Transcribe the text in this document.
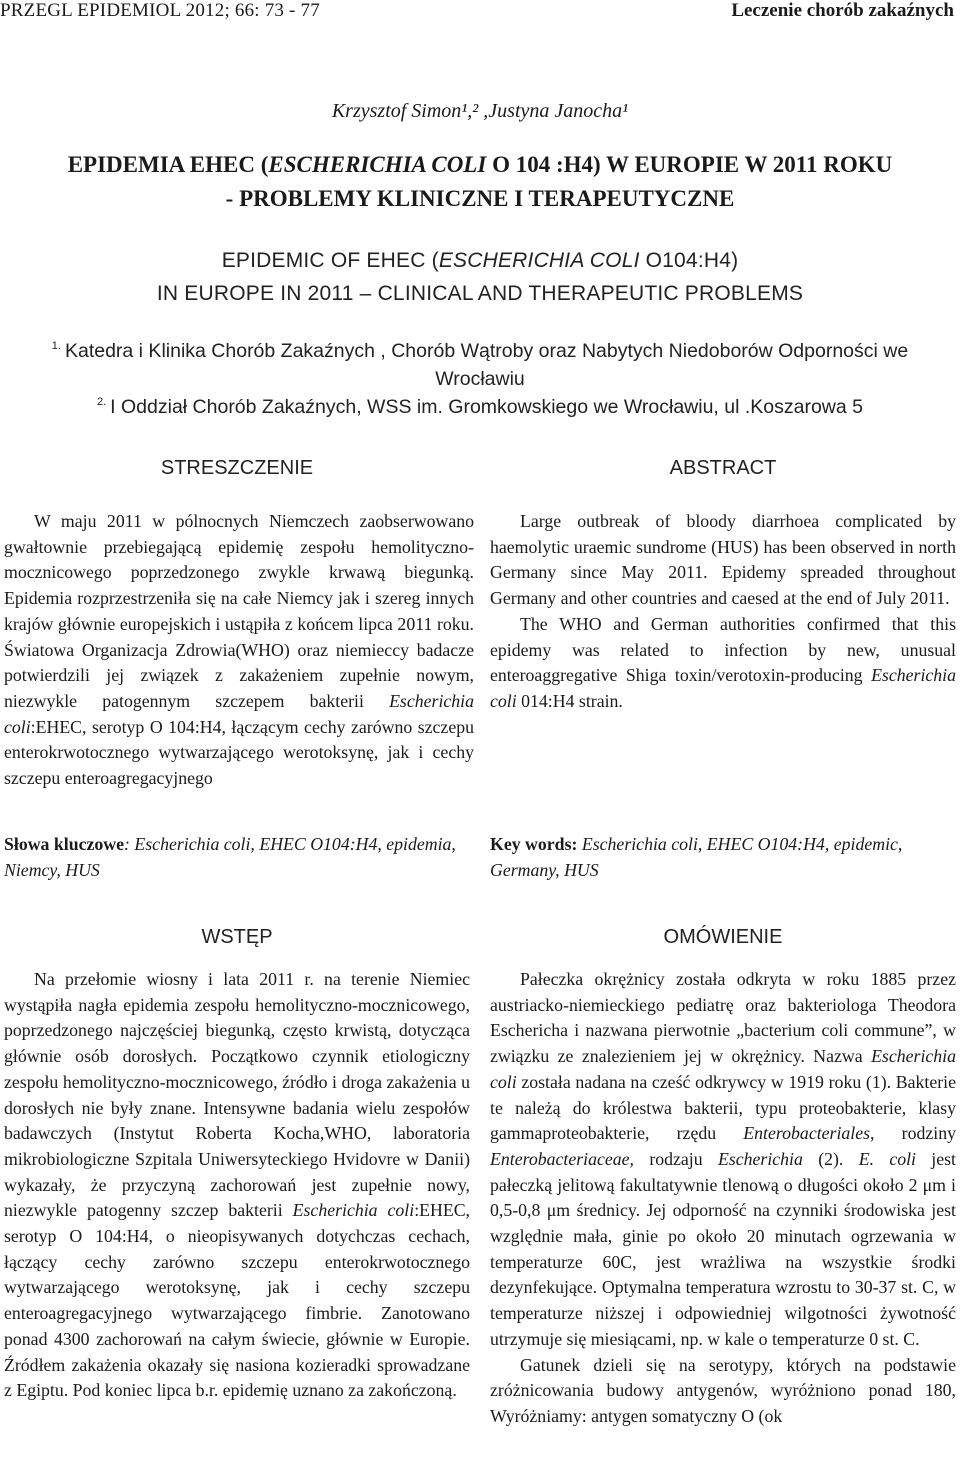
PRZEGL EPIDEMIOL 2012; 66: 73 - 77	Leczenie chorób zakaźnych
Krzysztof Simon¹,² ,Justyna Janocha¹
EPIDEMIA EHEC (ESCHERICHIA COLI O 104 :H4) W EUROPIE W 2011 ROKU
- PROBLEMY KLINICZNE I TERAPEUTYCZNE
EPIDEMIC OF EHEC (ESCHERICHIA COLI O104:H4)
IN EUROPE IN 2011 – CLINICAL AND THERAPEUTIC PROBLEMS
$^{1.}$ Katedra i Klinika Chorób Zakaźnych , Chorób Wątroby oraz Nabytych Niedoborów Odporności we
Wrocławiu
$^{2.}$ I Oddział Chorób Zakaźnych, WSS im. Gromkowskiego we Wrocławiu, ul .Koszarowa 5
STRESZCZENIE

W maju 2011 w pólnocnych Niemczech zaobserwowano gwałtownie przebiegającą epidemię zespołu hemolityczno-mocznicowego poprzedzonego zwykle krwawą biegunką. Epidemia rozprzestrzeniła się na całe Niemcy jak i szereg innych krajów głównie europejskich i ustąpiła z końcem lipca 2011 roku. Światowa Organizacja Zdrowia(WHO) oraz niemieccy badacze potwierdzili jej związek z zakażeniem zupełnie nowym, niezwykle patogennym szczepem bakterii Escherichia coli:EHEC, serotyp O 104:H4, łączącym cechy zarówno szczepu enterokrwotocznego wytwarzającego werotoksynę, jak i cechy szczepu enteroagregacyjnego

Słowa kluczowe: Escherichia coli, EHEC O104:H4, epidemia, Niemcy, HUS

ABSTRACT

Large outbreak of bloody diarrhoea complicated by haemolytic uraemic sundrome (HUS) has been observed in north Germany since May 2011. Epidemy spreaded throughout Germany and other countries and caesed at the end of July 2011.

The WHO and German authorities confirmed that this epidemy was related to infection by new, unusual enteroaggregative Shiga toxin/verotoxin-producing Escherichia coli 014:H4 strain.

Key words: Escherichia coli, EHEC O104:H4, epidemic, Germany, HUS

WSTĘP

Na przełomie wiosny i lata 2011 r. na terenie Niemiec wystąpiła nagła epidemia zespołu hemolityczno-mocznicowego, poprzedzonego najczęściej biegunką, często krwistą, dotycząca głównie osób dorosłych. Początkowo czynnik etiologiczny zespołu hemolityczno-mocznicowego, źródło i droga zakażenia u dorosłych nie były znane. Intensywne badania wielu zespołów badawczych (Instytut Roberta Kocha,WHO, laboratoria mikrobiologiczne Szpitala Uniwersyteckiego Hvidovre w Danii) wykazały, że przyczyną zachorowań jest zupełnie nowy, niezwykle patogenny szczep bakterii Escherichia coli:EHEC, serotyp O 104:H4, o nieopisywanych dotychczas cechach, łączący cechy zarówno szczepu enterokrwotocznego wytwarzającego werotoksynę, jak i cechy szczepu enteroagregacyjnego wytwarzającego fimbrie. Zanotowano ponad 4300 zachorowań na całym świecie, głównie w Europie. Źródłem zakażenia okazały się nasiona kozieradki sprowadzane z Egiptu. Pod koniec lipca b.r. epidemię uznano za zakończoną.

OMÓWIENIE

Pałeczka okrężnicy została odkryta w roku 1885 przez austriacko-niemieckiego pediatrę oraz bakteriologa Theodora Eschericha i nazwana pierwotnie „bacterium coli commune”, w związku ze znalezieniem jej w okrężnicy. Nazwa Escherichia coli została nadana na cześć odkrywcy w 1919 roku (1). Bakterie te należą do królestwa bakterii, typu proteobakterie, klasy gammaproteobakterie, rzędu Enterobacteriales, rodziny Enterobacteriaceae, rodzaju Escherichia (2). E. coli jest pałeczką jelitową fakultatywnie tlenową o długości około 2 μm i 0,5-0,8 μm średnicy. Jej odporność na czynniki środowiska jest względnie mała, ginie po około 20 minutach ogrzewania w temperaturze 60C, jest wrażliwa na wszystkie środki dezynfekujące. Optymalna temperatura wzrostu to 30-37 st. C, w temperaturze niższej i odpowiedniej wilgotności żywotność utrzymuje się miesiącami, np. w kale o temperaturze 0 st. C.

Gatunek dzieli się na serotypy, których na podstawie zróżnicowania budowy antygenów, wyróżniono ponad 180, Wyróżniamy: antygen somatyczny O (ok
